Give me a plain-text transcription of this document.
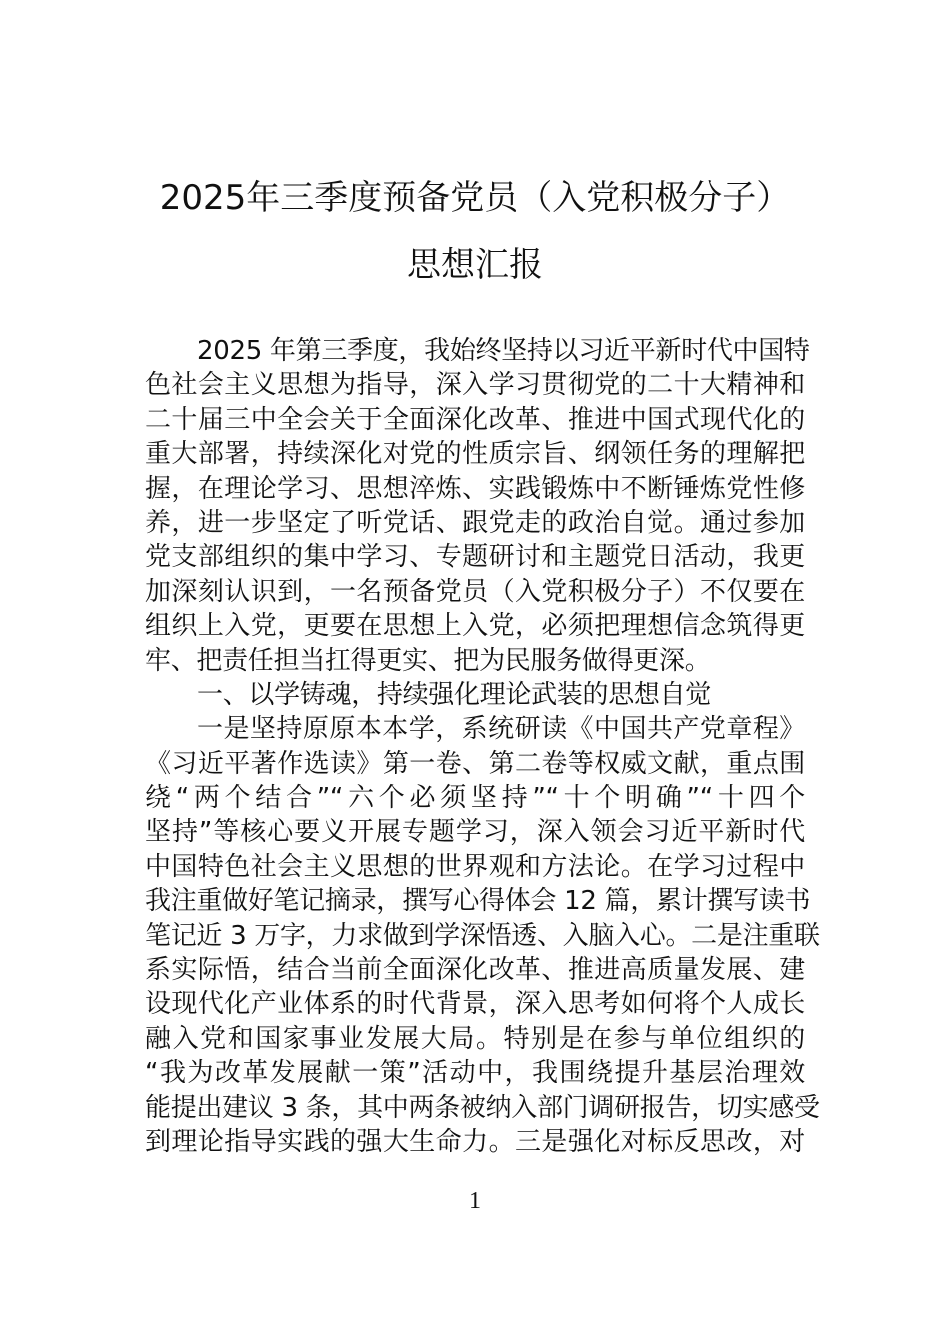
2025年三季度预备党员（入党积极分子）
思想汇报
2025 年第三季度，我始终坚持以习近平新时代中国特
色社会主义思想为指导，深入学习贯彻党的二十大精神和
二十届三中全会关于全面深化改革、推进中国式现代化的
重大部署，持续深化对党的性质宗旨、纲领任务的理解把
握，在理论学习、思想淬炼、实践锻炼中不断锤炼党性修
养，进一步坚定了听党话、跟党走的政治自觉。通过参加
党支部组织的集中学习、专题研讨和主题党日活动，我更
加深刻认识到，一名预备党员（入党积极分子）不仅要在
组织上入党，更要在思想上入党，必须把理想信念筑得更
牢、把责任担当扛得更实、把为民服务做得更深。
一、以学铸魂，持续强化理论武装的思想自觉
一是坚持原原本本学，系统研读《中国共产党章程》
《习近平著作选读》第一卷、第二卷等权威文献，重点围
绕“两个结合”“六个必须坚持”“十个明确”“十四个
坚持”等核心要义开展专题学习，深入领会习近平新时代
中国特色社会主义思想的世界观和方法论。在学习过程中
我注重做好笔记摘录，撰写心得体会 12 篇，累计撰写读书
笔记近 3 万字，力求做到学深悟透、入脑入心。二是注重联
系实际悟，结合当前全面深化改革、推进高质量发展、建
设现代化产业体系的时代背景，深入思考如何将个人成长
融入党和国家事业发展大局。特别是在参与单位组织的
“我为改革发展献一策”活动中，我围绕提升基层治理效
能提出建议 3 条，其中两条被纳入部门调研报告，切实感受
到理论指导实践的强大生命力。三是强化对标反思改，对
1
